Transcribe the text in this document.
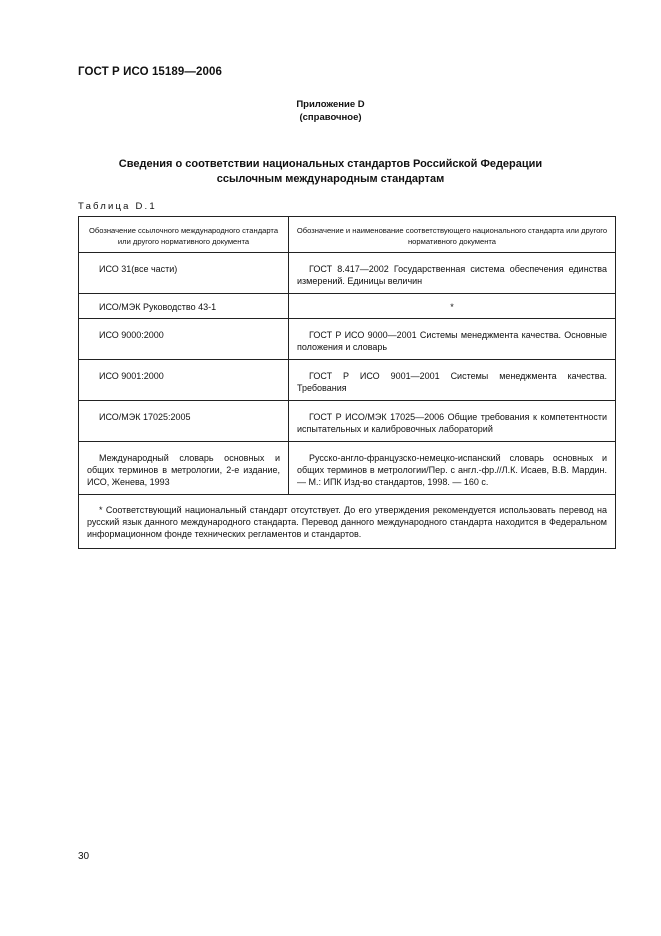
ГОСТ Р ИСО 15189—2006
Приложение D
(справочное)
Сведения о соответствии национальных стандартов Российской Федерации
ссылочным международным стандартам
Таблица D.1
Обозначение ссылочного международного стандарта или другого нормативного документа	Обозначение и наименование соответствующего национального стандарта или другого нормативного документа

ИСО 31(все части)	ГОСТ 8.417—2002 Государственная система обеспечения единства измерений. Единицы величин

ИСО/МЭК Руководство 43-1	*

ИСО 9000:2000	ГОСТ Р ИСО 9000—2001 Системы менеджмента качества. Основные положения и словарь

ИСО 9001:2000	ГОСТ Р ИСО 9001—2001 Системы менеджмента качества. Требования

ИСО/МЭК 17025:2005	ГОСТ Р ИСО/МЭК 17025—2006 Общие требования к компетентности испытательных и калибровочных лабораторий

Международный словарь основных и общих терминов в метрологии, 2-е издание, ИСО, Женева, 1993	Русско-англо-французско-немецко-испанский словарь основных и общих терминов в метрологии/Пер. с англ.-фр.//Л.К. Исаев, В.В. Мардин. — М.: ИПК Изд-во стандартов, 1998. — 160 с.

* Соответствующий национальный стандарт отсутствует. До его утверждения рекомендуется использовать перевод на русский язык данного международного стандарта. Перевод данного международного стандарта находится в Федеральном информационном фонде технических регламентов и стандартов.	
30
